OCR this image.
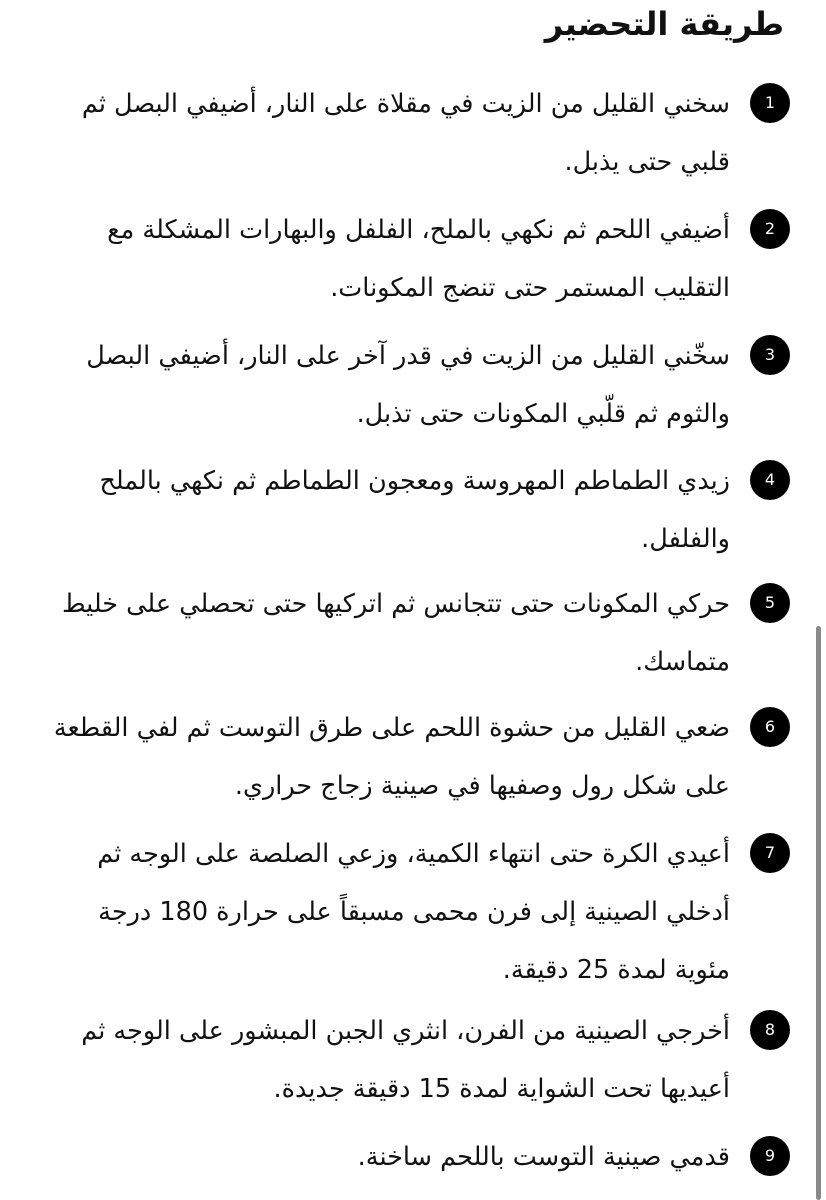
طريقة التحضير
1
سخني القليل من الزيت في مقلاة على النار، أضيفي البصل ثم قلبي حتى يذبل.
2
أضيفي اللحم ثم نكهي بالملح، الفلفل والبهارات المشكلة مع التقليب المستمر حتى تنضج المكونات.
3
سخّني القليل من الزيت في قدر آخر على النار، أضيفي البصل والثوم ثم قلّبي المكونات حتى تذبل.
4
زيدي الطماطم المهروسة ومعجون الطماطم ثم نكهي بالملح والفلفل.
5
حركي المكونات حتى تتجانس ثم اتركيها حتى تحصلي على خليط متماسك.
6
ضعي القليل من حشوة اللحم على طرق التوست ثم لفي القطعة على شكل رول وصفيها في صينية زجاج حراري.
7
أعيدي الكرة حتى انتهاء الكمية، وزعي الصلصة على الوجه ثم أدخلي الصينية إلى فرن محمى مسبقاً على حرارة 180 درجة مئوية لمدة 25 دقيقة.
8
أخرجي الصينية من الفرن، انثري الجبن المبشور على الوجه ثم أعيديها تحت الشواية لمدة 15 دقيقة جديدة.
9
قدمي صينية التوست باللحم ساخنة.
